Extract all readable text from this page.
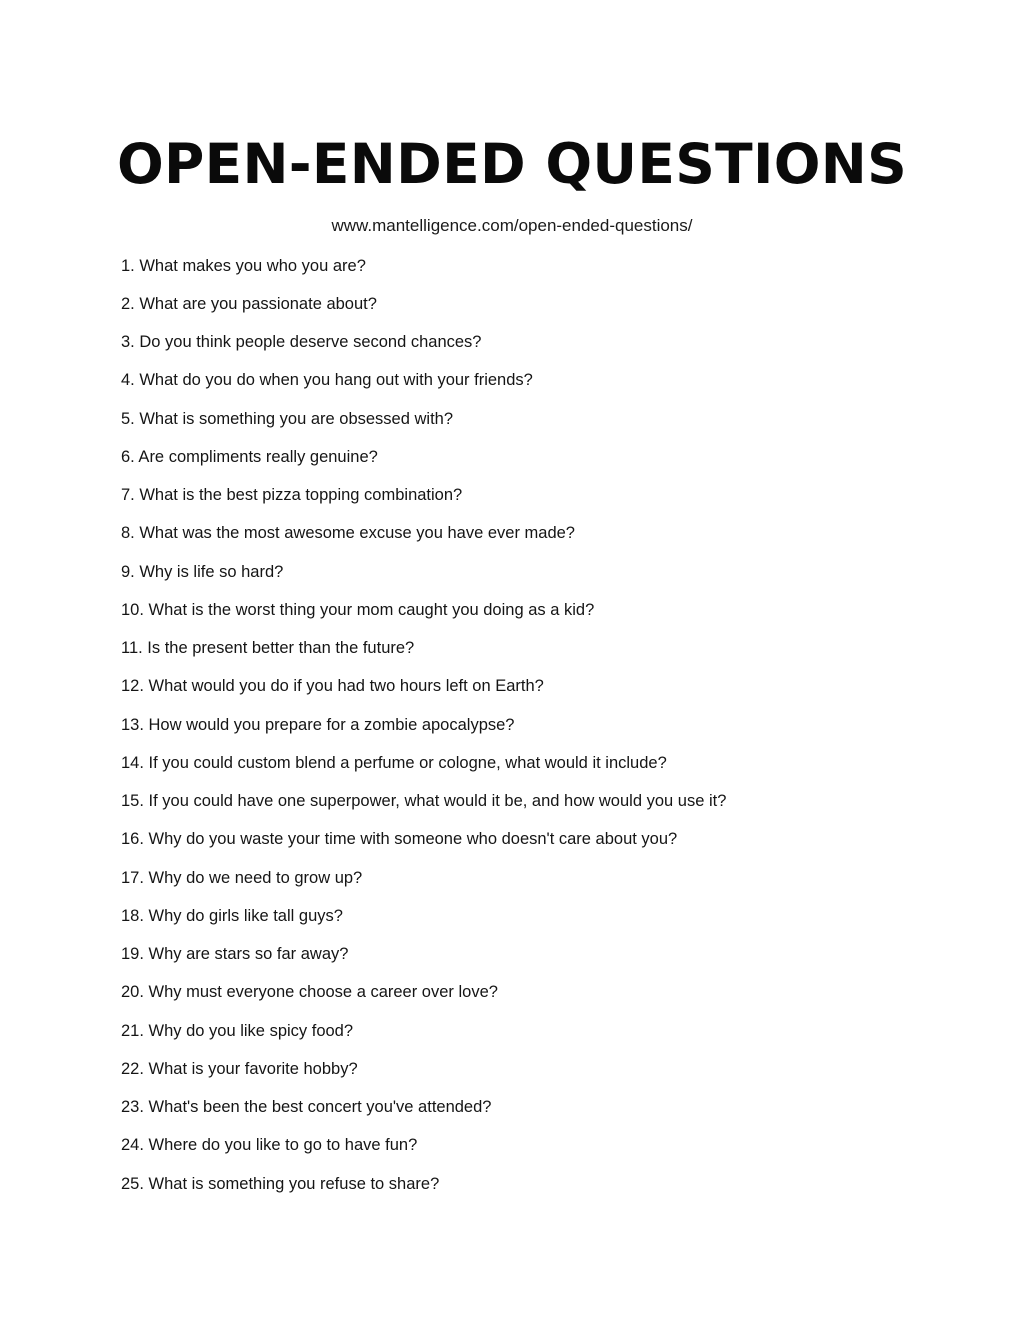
OPEN-ENDED QUESTIONS

www.mantelligence.com/open-ended-questions/

1. What makes you who you are?
2. What are you passionate about?
3. Do you think people deserve second chances?
4. What do you do when you hang out with your friends?
5. What is something you are obsessed with?
6. Are compliments really genuine?
7. What is the best pizza topping combination?
8. What was the most awesome excuse you have ever made?
9. Why is life so hard?
10. What is the worst thing your mom caught you doing as a kid?
11. Is the present better than the future?
12. What would you do if you had two hours left on Earth?
13. How would you prepare for a zombie apocalypse?
14. If you could custom blend a perfume or cologne, what would it include?
15. If you could have one superpower, what would it be, and how would you use it?
16. Why do you waste your time with someone who doesn't care about you?
17. Why do we need to grow up?
18. Why do girls like tall guys?
19. Why are stars so far away?
20. Why must everyone choose a career over love?
21. Why do you like spicy food?
22. What is your favorite hobby?
23. What's been the best concert you've attended?
24. Where do you like to go to have fun?
25. What is something you refuse to share?
